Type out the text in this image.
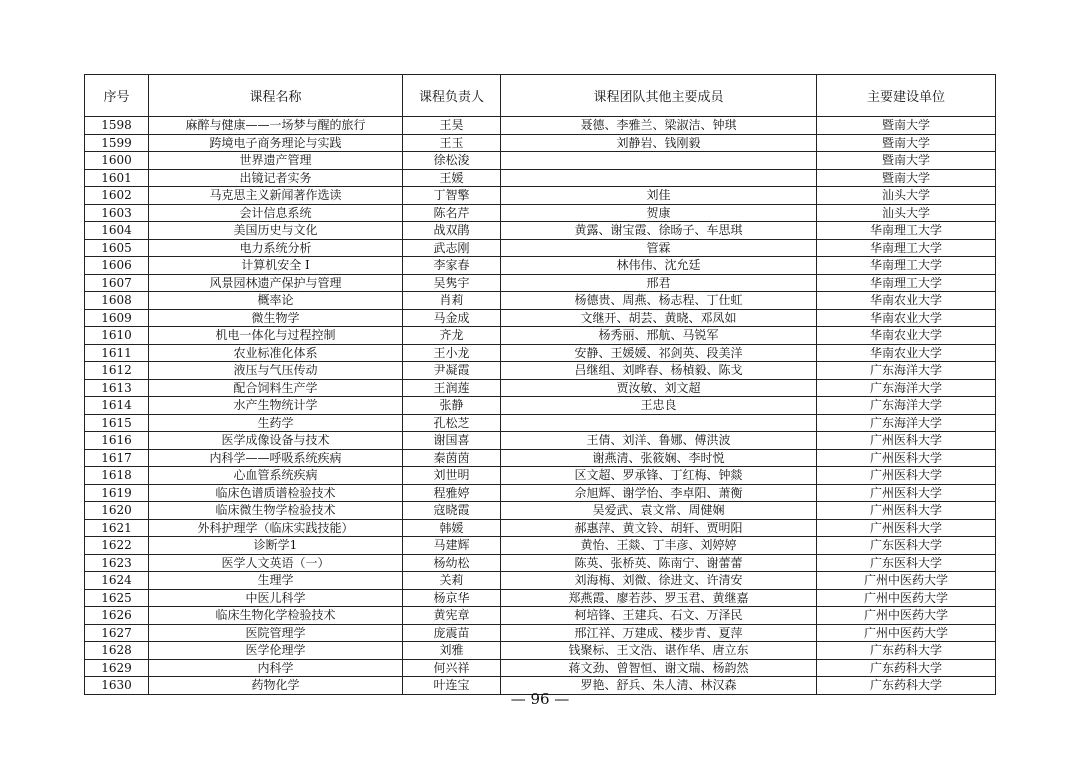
序号	课程名称	课程负责人	课程团队其他主要成员	主要建设单位
1598	麻醉与健康——一场梦与醒的旅行	王昊	聂德、李雅兰、梁淑洁、钟琪	暨南大学
1599	跨境电子商务理论与实践	王玉	刘静岩、钱刚毅	暨南大学
1600	世界遗产管理	徐松浚		暨南大学
1601	出镜记者实务	王媛		暨南大学
1602	马克思主义新闻著作选读	丁智擎	刘佳	汕头大学
1603	会计信息系统	陈名芹	贺康	汕头大学
1604	美国历史与文化	战双鹃	黄露、谢宝霞、徐旸子、车思琪	华南理工大学
1605	电力系统分析	武志刚	管霖	华南理工大学
1606	计算机安全 I	李家春	林伟伟、沈允廷	华南理工大学
1607	风景园林遗产保护与管理	吴隽宇	邢君	华南理工大学
1608	概率论	肖莉	杨德贵、周燕、杨志程、丁仕虹	华南农业大学
1609	微生物学	马金成	文继开、胡芸、黄晓、邓凤如	华南农业大学
1610	机电一体化与过程控制	齐龙	杨秀丽、邢航、马锐军	华南农业大学
1611	农业标准化体系	王小龙	安静、王媛媛、祁剑英、段美洋	华南农业大学
1612	液压与气压传动	尹凝霞	吕继组、刘晔春、杨楨毅、陈戈	广东海洋大学
1613	配合饲料生产学	王润莲	贾汝敏、刘文超	广东海洋大学
1614	水产生物统计学	张静	王忠良	广东海洋大学
1615	生药学	孔松芝		广东海洋大学
1616	医学成像设备与技术	谢国喜	王倩、刘洋、鲁娜、傅洪波	广州医科大学
1617	内科学——呼吸系统疾病	秦茵茵	谢燕清、张筱娴、李时悦	广州医科大学
1618	心血管系统疾病	刘世明	区文超、罗承锋、丁红梅、钟燚	广州医科大学
1619	临床色谱质谱检验技术	程雅婷	佘旭辉、谢学怡、李卓阳、萧衡	广州医科大学
1620	临床微生物学检验技术	寇晓霞	吴爱武、袁文常、周健娴	广州医科大学
1621	外科护理学（临床实践技能）	韩媛	郝惠萍、黄文铃、胡轩、贾明阳	广州医科大学
1622	诊断学1	马建辉	黄怡、王燚、丁丰彦、刘婷婷	广东医科大学
1623	医学人文英语（一）	杨幼松	陈英、张桥英、陈南宁、谢蕾蕾	广东医科大学
1624	生理学	关莉	刘海梅、刘微、徐进文、许清安	广州中医药大学
1625	中医儿科学	杨京华	郑燕霞、廖若莎、罗玉君、黄继嘉	广州中医药大学
1626	临床生物化学检验技术	黄宪章	柯培锋、王建兵、石文、万泽民	广州中医药大学
1627	医院管理学	庞震苗	邢江祥、万建成、楼步青、夏萍	广州中医药大学
1628	医学伦理学	刘雅	钱聚标、王文浩、谌作华、唐立东	广东药科大学
1629	内科学	何兴祥	蒋文劲、曾智恒、谢文瑞、杨韵然	广东药科大学
1630	药物化学	叶连宝	罗艳、舒兵、朱人清、林汉森	广东药科大学
— 96 —
